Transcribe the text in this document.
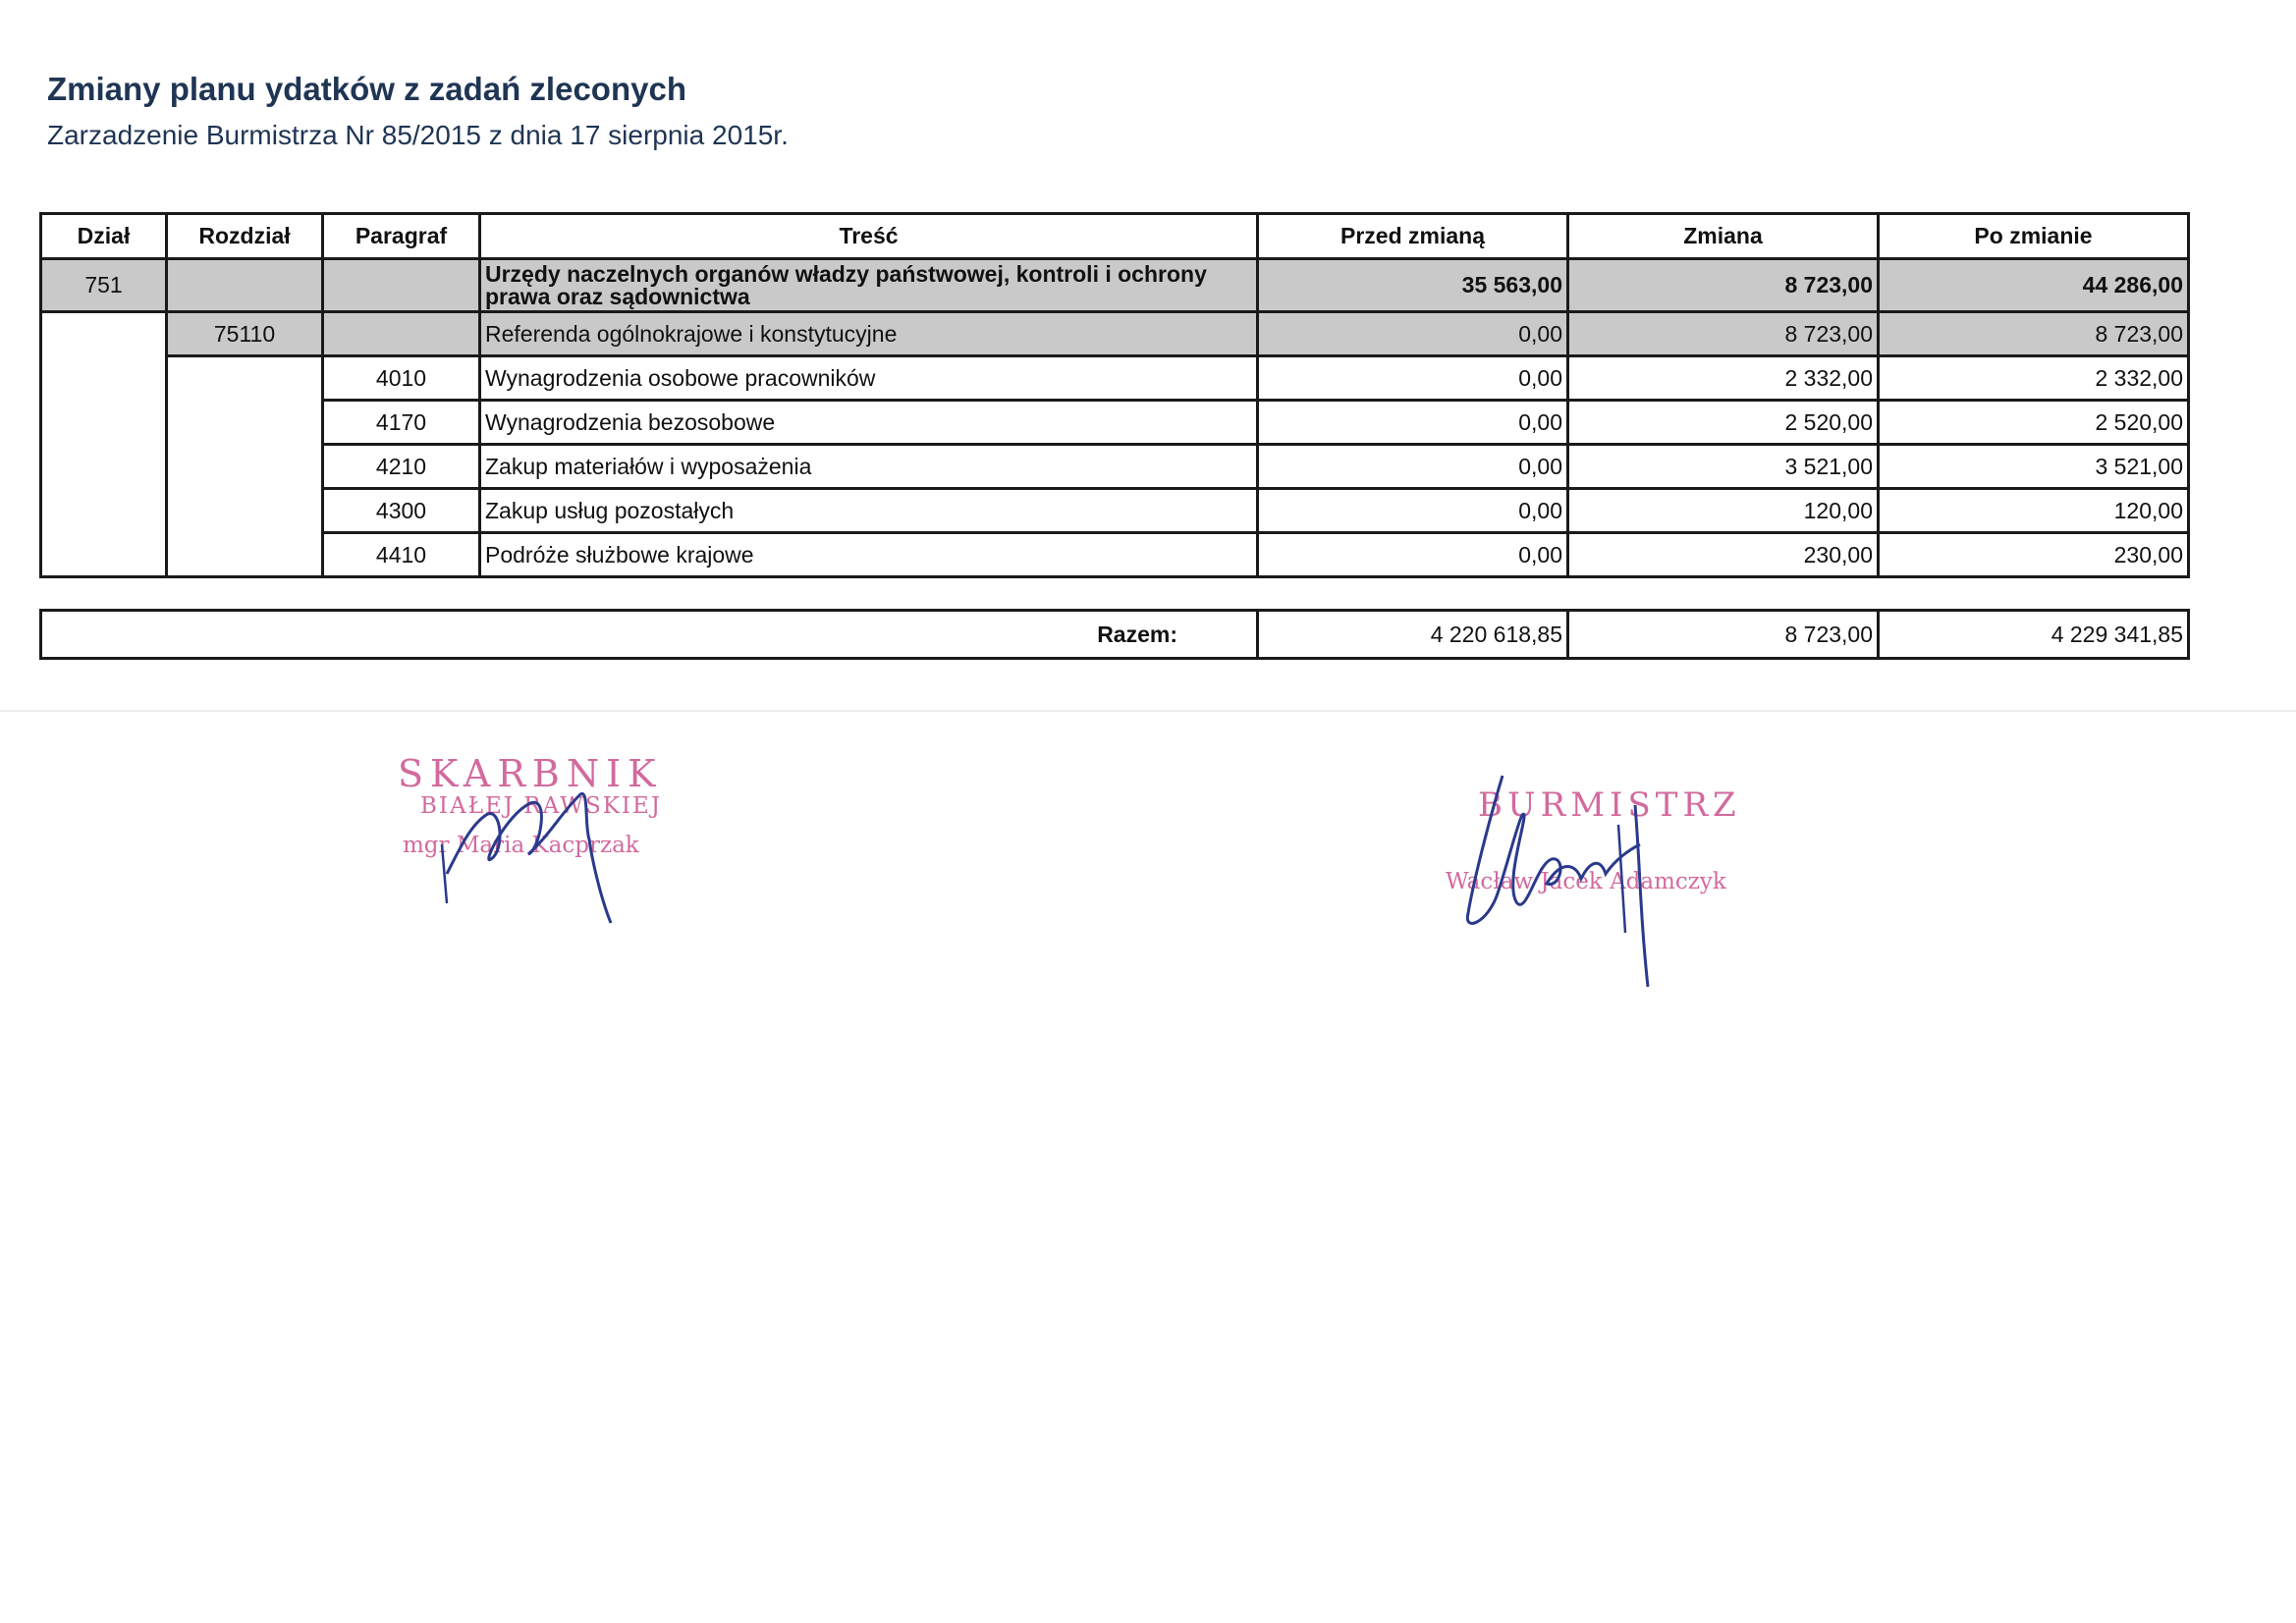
Zmiany planu ydatków z zadań zleconych
Zarzadzenie Burmistrza Nr 85/2015 z dnia 17 sierpnia 2015r.
Dział	Rozdział	Paragraf	Treść	Przed zmianą	Zmiana	Po zmianie
751			Urzędy naczelnych organów władzy państwowej, kontroli i ochrony prawa oraz sądownictwa	35 563,00	8 723,00	44 286,00
	75110		Referenda ogólnokrajowe i konstytucyjne	0,00	8 723,00	8 723,00
		4010	Wynagrodzenia osobowe pracowników	0,00	2 332,00	2 332,00
		4170	Wynagrodzenia bezosobowe	0,00	2 520,00	2 520,00
		4210	Zakup materiałów i wyposażenia	0,00	3 521,00	3 521,00
		4300	Zakup usług pozostałych	0,00	120,00	120,00
		4410	Podróże służbowe krajowe	0,00	230,00	230,00
Razem:	4 220 618,85	8 723,00	4 229 341,85
SKARBNIK
BIAŁEJ RAWSKIEJ
mgr Maria Kacprzak
BURMISTRZ
Wacław Jacek Adamczyk
